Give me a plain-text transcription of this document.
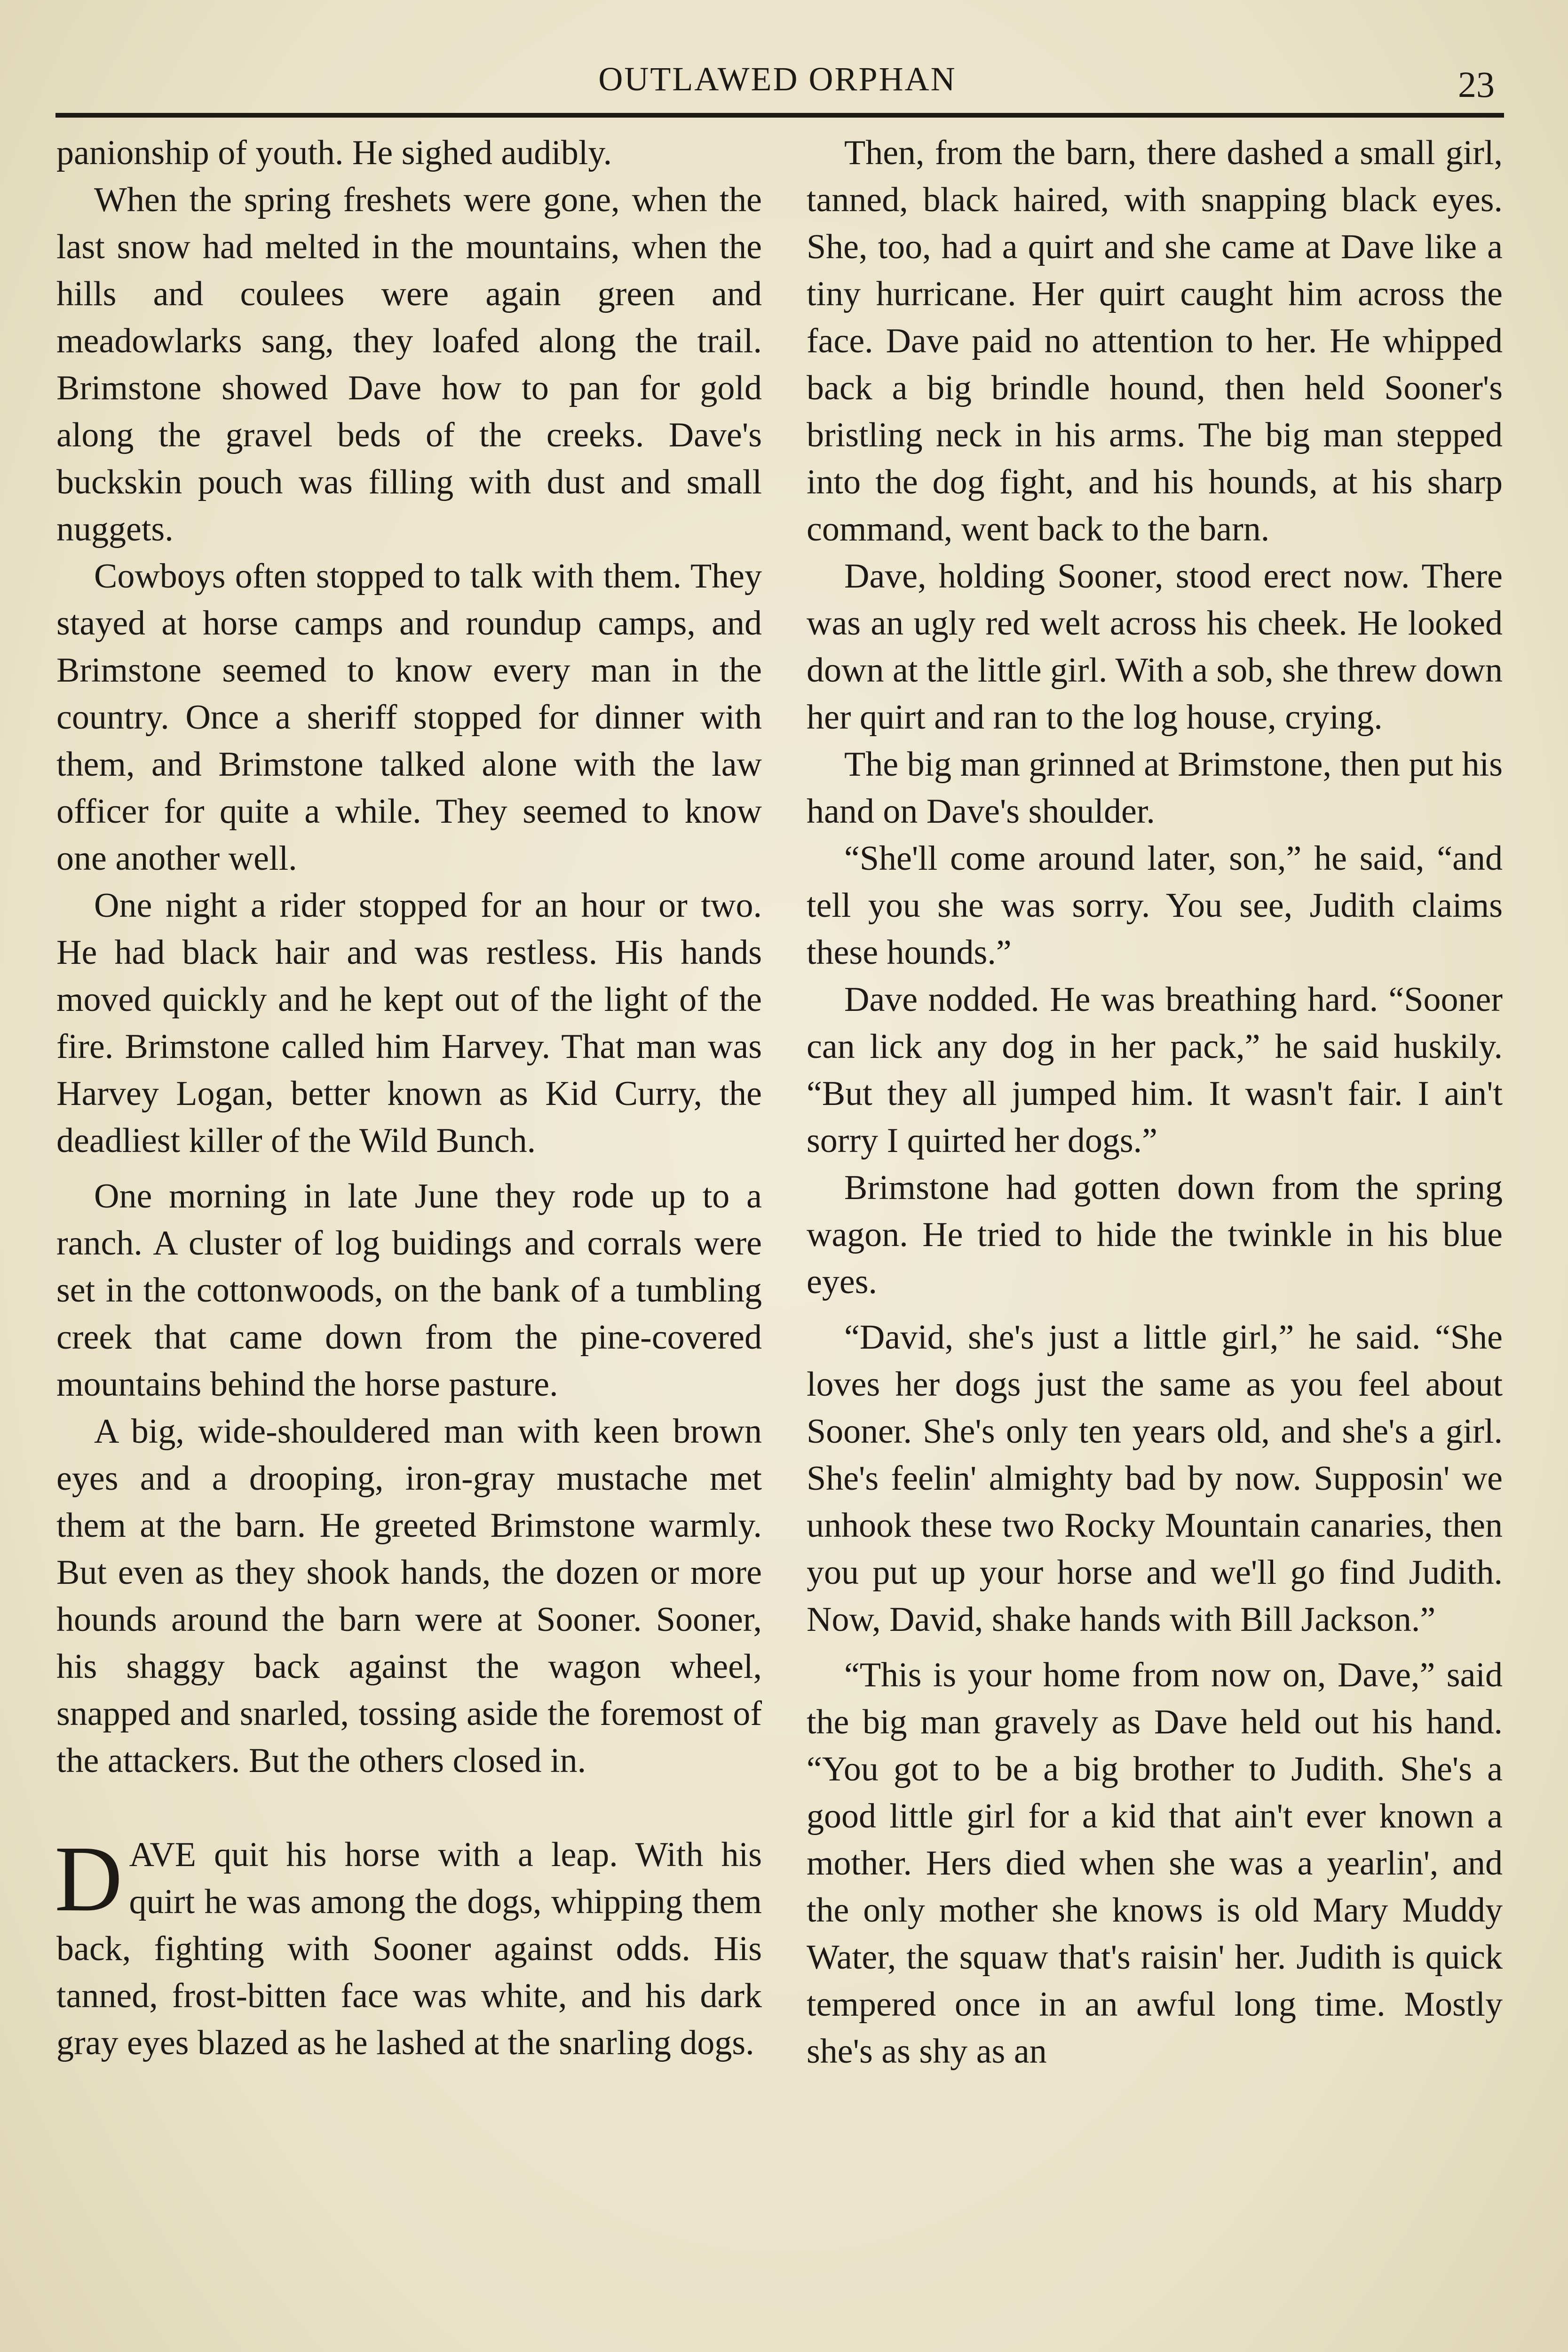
OUTLAWED ORPHAN	23

panionship of youth. He sighed audibly.

When the spring freshets were gone, when the last snow had melted in the mountains, when the hills and coulees were again green and meadowlarks sang, they loafed along the trail. Brimstone showed Dave how to pan for gold along the gravel beds of the creeks. Dave's buckskin pouch was filling with dust and small nuggets.

Cowboys often stopped to talk with them. They stayed at horse camps and roundup camps, and Brimstone seemed to know every man in the country. Once a sheriff stopped for dinner with them, and Brimstone talked alone with the law officer for quite a while. They seemed to know one another well.

One night a rider stopped for an hour or two. He had black hair and was restless. His hands moved quickly and he kept out of the light of the fire. Brimstone called him Harvey. That man was Harvey Logan, better known as Kid Curry, the deadliest killer of the Wild Bunch.

One morning in late June they rode up to a ranch. A cluster of log buidings and corrals were set in the cottonwoods, on the bank of a tumbling creek that came down from the pine-covered mountains behind the horse pasture.

A big, wide-shouldered man with keen brown eyes and a drooping, iron-gray mustache met them at the barn. He greeted Brimstone warmly. But even as they shook hands, the dozen or more hounds around the barn were at Sooner. Sooner, his shaggy back against the wagon wheel, snapped and snarled, tossing aside the foremost of the attackers. But the others closed in.

DAVE quit his horse with a leap. With his quirt he was among the dogs, whipping them back, fighting with Sooner against odds. His tanned, frost-bitten face was white, and his dark gray eyes blazed as he lashed at the snarling dogs.

Then, from the barn, there dashed a small girl, tanned, black haired, with snapping black eyes. She, too, had a quirt and she came at Dave like a tiny hurricane. Her quirt caught him across the face. Dave paid no attention to her. He whipped back a big brindle hound, then held Sooner's bristling neck in his arms. The big man stepped into the dog fight, and his hounds, at his sharp command, went back to the barn.

Dave, holding Sooner, stood erect now. There was an ugly red welt across his cheek. He looked down at the little girl. With a sob, she threw down her quirt and ran to the log house, crying.

The big man grinned at Brimstone, then put his hand on Dave's shoulder.

“She'll come around later, son,” he said, “and tell you she was sorry. You see, Judith claims these hounds.”

Dave nodded. He was breathing hard. “Sooner can lick any dog in her pack,” he said huskily. “But they all jumped him. It wasn't fair. I ain't sorry I quirted her dogs.”

Brimstone had gotten down from the spring wagon. He tried to hide the twinkle in his blue eyes.

“David, she's just a little girl,” he said. “She loves her dogs just the same as you feel about Sooner. She's only ten years old, and she's a girl. She's feelin' almighty bad by now. Supposin' we unhook these two Rocky Mountain canaries, then you put up your horse and we'll go find Judith. Now, David, shake hands with Bill Jackson.”

“This is your home from now on, Dave,” said the big man gravely as Dave held out his hand. “You got to be a big brother to Judith. She's a good little girl for a kid that ain't ever known a mother. Hers died when she was a yearlin', and the only mother she knows is old Mary Muddy Water, the squaw that's raisin' her. Judith is quick tempered once in an awful long time. Mostly she's as shy as an
